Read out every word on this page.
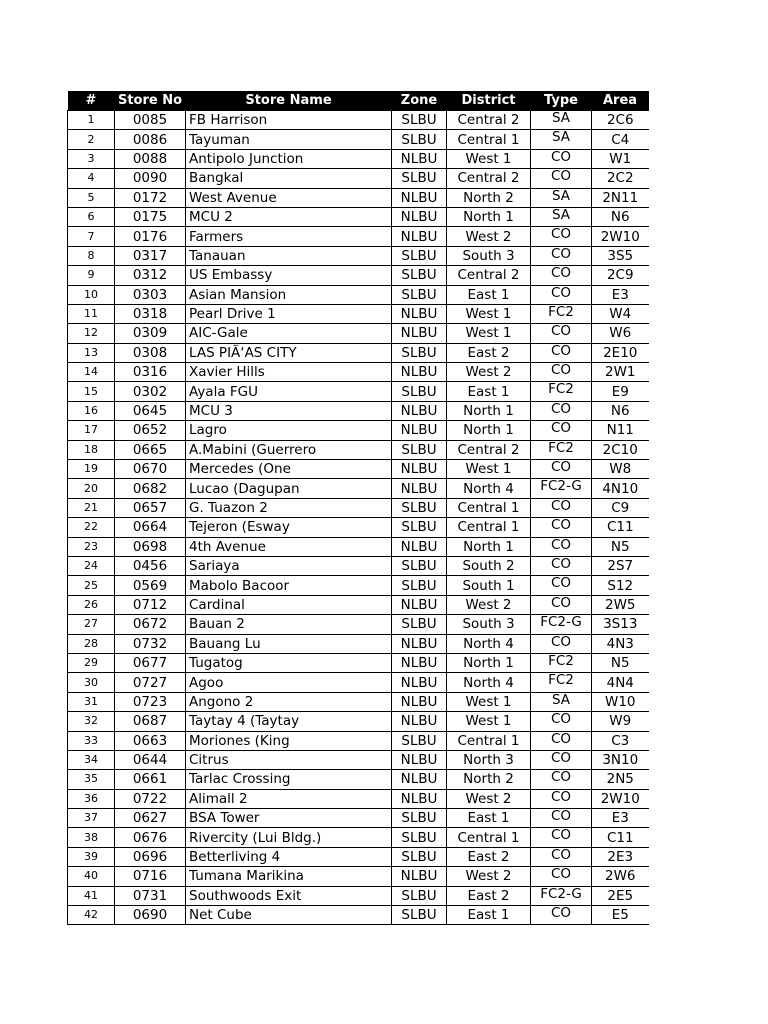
#	Store No	Store Name	Zone	District	Type	Area
1	0085	FB Harrison	SLBU	Central 2	SA	2C6
2	0086	Tayuman	SLBU	Central 1	SA	C4
3	0088	Antipolo Junction	NLBU	West 1	CO	W1
4	0090	Bangkal	SLBU	Central 2	CO	2C2
5	0172	West Avenue	NLBU	North 2	SA	2N11
6	0175	MCU 2	NLBU	North 1	SA	N6
7	0176	Farmers	NLBU	West 2	CO	2W10
8	0317	Tanauan	SLBU	South 3	CO	3S5
9	0312	US Embassy	SLBU	Central 2	CO	2C9
10	0303	Asian Mansion	SLBU	East 1	CO	E3
11	0318	Pearl Drive 1	NLBU	West 1	FC2	W4
12	0309	AIC-Gale	NLBU	West 1	CO	W6
13	0308	LAS PIÃ‘AS CITY	SLBU	East 2	CO	2E10
14	0316	Xavier Hills	NLBU	West 2	CO	2W1
15	0302	Ayala FGU	SLBU	East 1	FC2	E9
16	0645	MCU 3	NLBU	North 1	CO	N6
17	0652	Lagro	NLBU	North 1	CO	N11
18	0665	A.Mabini (Guerrero	SLBU	Central 2	FC2	2C10
19	0670	Mercedes (One	NLBU	West 1	CO	W8
20	0682	Lucao (Dagupan	NLBU	North 4	FC2-G	4N10
21	0657	G. Tuazon 2	SLBU	Central 1	CO	C9
22	0664	Tejeron (Esway	SLBU	Central 1	CO	C11
23	0698	4th Avenue	NLBU	North 1	CO	N5
24	0456	Sariaya	SLBU	South 2	CO	2S7
25	0569	Mabolo Bacoor	SLBU	South 1	CO	S12
26	0712	Cardinal	NLBU	West 2	CO	2W5
27	0672	Bauan 2	SLBU	South 3	FC2-G	3S13
28	0732	Bauang Lu	NLBU	North 4	CO	4N3
29	0677	Tugatog	NLBU	North 1	FC2	N5
30	0727	Agoo	NLBU	North 4	FC2	4N4
31	0723	Angono 2	NLBU	West 1	SA	W10
32	0687	Taytay 4 (Taytay	NLBU	West 1	CO	W9
33	0663	Moriones (King	SLBU	Central 1	CO	C3
34	0644	Citrus	NLBU	North 3	CO	3N10
35	0661	Tarlac Crossing	NLBU	North 2	CO	2N5
36	0722	Alimall 2	NLBU	West 2	CO	2W10
37	0627	BSA Tower	SLBU	East 1	CO	E3
38	0676	Rivercity (Lui Bldg.)	SLBU	Central 1	CO	C11
39	0696	Betterliving 4	SLBU	East 2	CO	2E3
40	0716	Tumana Marikina	NLBU	West 2	CO	2W6
41	0731	Southwoods Exit	SLBU	East 2	FC2-G	2E5
42	0690	Net Cube	SLBU	East 1	CO	E5
